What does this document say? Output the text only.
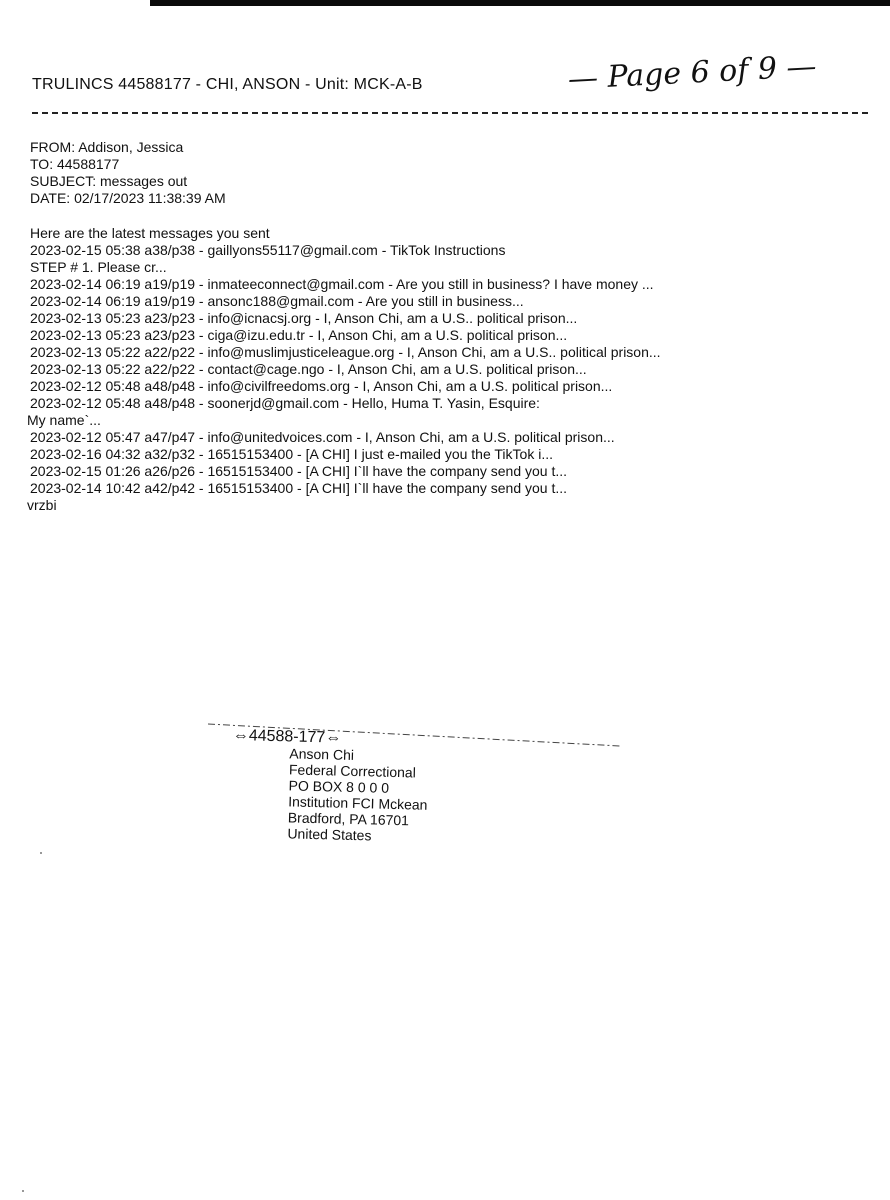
TRULINCS 44588177 - CHI, ANSON - Unit: MCK-A-B	— Page 6 of 9 —
FROM: Addison, Jessica
TO: 44588177
SUBJECT: messages out
DATE: 02/17/2023 11:38:39 AM
Here are the latest messages you sent
2023-02-15 05:38 a38/p38 - gaillyons55117@gmail.com - TikTok Instructions
STEP # 1. Please cr...
2023-02-14 06:19 a19/p19 - inmateeconnect@gmail.com - Are you still in business? I have money ...
2023-02-14 06:19 a19/p19 - ansonc188@gmail.com - Are you still in business...
2023-02-13 05:23 a23/p23 - info@icnacsj.org - I, Anson Chi, am a U.S.. political prison...
2023-02-13 05:23 a23/p23 - ciga@izu.edu.tr - I, Anson Chi, am a U.S. political prison...
2023-02-13 05:22 a22/p22 - info@muslimjusticeleague.org - I, Anson Chi, am a U.S.. political prison...
2023-02-13 05:22 a22/p22 - contact@cage.ngo - I, Anson Chi, am a U.S. political prison...
2023-02-12 05:48 a48/p48 - info@civilfreedoms.org - I, Anson Chi, am a U.S. political prison...
2023-02-12 05:48 a48/p48 - soonerjd@gmail.com - Hello, Huma T. Yasin, Esquire:
My name`...
2023-02-12 05:47 a47/p47 - info@unitedvoices.com - I, Anson Chi, am a U.S. political prison...
2023-02-16 04:32 a32/p32 - 16515153400 - [A CHI] I just e-mailed you the TikTok i...
2023-02-15 01:26 a26/p26 - 16515153400 - [A CHI] I`ll have the company send you t...
2023-02-14 10:42 a42/p42 - 16515153400 - [A CHI] I`ll have the company send you t...
vrzbi
⇔44588-177⇔
Anson Chi
Federal Correctional
PO BOX 8 0 0 0
Institution FCI Mckean
Bradford, PA 16701
United States
